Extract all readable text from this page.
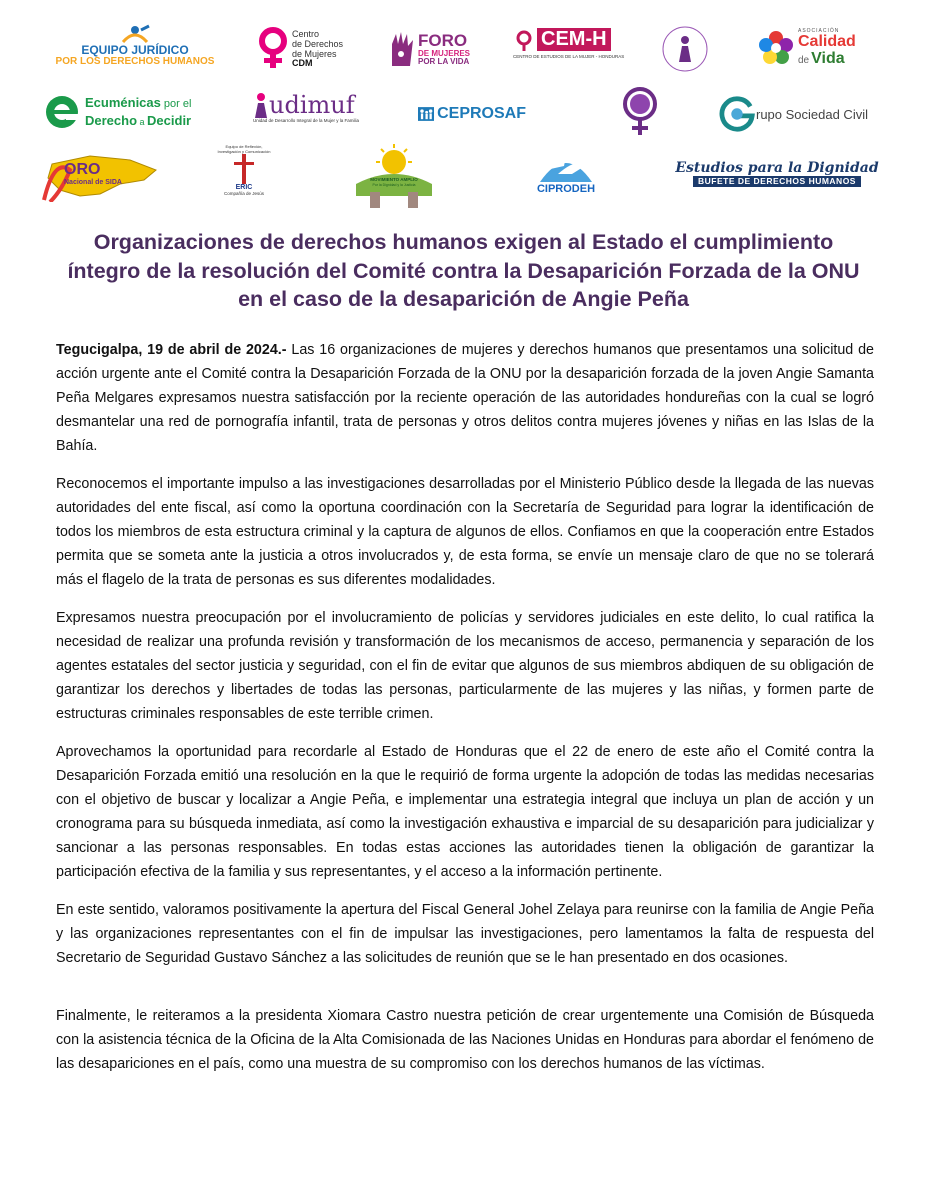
EQUIPO JURÍDICO
POR LOS DERECHOS HUMANOS
Centro
de Derechos
de Mujeres
CDM
FORO
DE MUJERES
POR LA VIDA
CEM-H
CENTRO DE ESTUDIOS DE LA MUJER - HONDURAS
ASOCIACIÓN
Calidad
de Vida
Ecuménicas por el
Derecho a Decidir
udimuf
Unidad de Desarrollo Integral de la Mujer y la Familia	CEPROSAF	rupo Sociedad Civil
ORO
Nacional de SIDA
Equipo de Reflexión,
Investigación y Comunicación
ERIC
Compañía de Jesús
MOVIMIENTO AMPLIO
Por la Dignidad y la Justicia	CIPRODEH
Estudios para la Dignidad
BUFETE DE DERECHOS HUMANOS
Organizaciones de derechos humanos exigen al Estado el cumplimiento íntegro de la resolución del Comité contra la Desaparición Forzada de la ONU en el caso de la desaparición de Angie Peña

Tegucigalpa, 19 de abril de 2024.- Las 16 organizaciones de mujeres y derechos humanos que presentamos una solicitud de acción urgente ante el Comité contra la Desaparición Forzada de la ONU por la desaparición forzada de la joven Angie Samanta Peña Melgares expresamos nuestra satisfacción por la reciente operación de las autoridades hondureñas con la cual se logró desmantelar una red de pornografía infantil, trata de personas y otros delitos contra mujeres jóvenes y niñas en las Islas de la Bahía.

Reconocemos el importante impulso a las investigaciones desarrolladas por el Ministerio Público desde la llegada de las nuevas autoridades del ente fiscal, así como la oportuna coordinación con la Secretaría de Seguridad para lograr la identificación de todos los miembros de esta estructura criminal y la captura de algunos de ellos. Confiamos en que la cooperación entre Estados permita que se someta ante la justicia a otros involucrados y, de esta forma, se envíe un mensaje claro de que no se tolerará más el flagelo de la trata de personas es sus diferentes modalidades.

Expresamos nuestra preocupación por el involucramiento de policías y servidores judiciales en este delito, lo cual ratifica la necesidad de realizar una profunda revisión y transformación de los mecanismos de acceso, permanencia y separación de los agentes estatales del sector justicia y seguridad, con el fin de evitar que algunos de sus miembros abdiquen de su obligación de garantizar los derechos y libertades de todas las personas, particularmente de las mujeres y las niñas, y formen parte de estructuras criminales responsables de este terrible crimen.

Aprovechamos la oportunidad para recordarle al Estado de Honduras que el 22 de enero de este año el Comité contra la Desaparición Forzada emitió una resolución en la que le requirió de forma urgente la adopción de todas las medidas necesarias con el objetivo de buscar y localizar a Angie Peña, e implementar una estrategia integral que incluya un plan de acción y un cronograma para su búsqueda inmediata, así como la investigación exhaustiva e imparcial de su desaparición para judicializar y sancionar a las personas responsables. En todas estas acciones las autoridades tienen la obligación de garantizar la participación efectiva de la familia y sus representantes, y el acceso a la información pertinente.

En este sentido, valoramos positivamente la apertura del Fiscal General Johel Zelaya para reunirse con la familia de Angie Peña y las organizaciones representantes con el fin de impulsar las investigaciones, pero lamentamos la falta de respuesta del Secretario de Seguridad Gustavo Sánchez a las solicitudes de reunión que se le han presentado en dos ocasiones.

Finalmente, le reiteramos a la presidenta Xiomara Castro nuestra petición de crear urgentemente una Comisión de Búsqueda con la asistencia técnica de la Oficina de la Alta Comisionada de las Naciones Unidas en Honduras para abordar el fenómeno de las desapariciones en el país, como una muestra de su compromiso con los derechos humanos de las víctimas.
